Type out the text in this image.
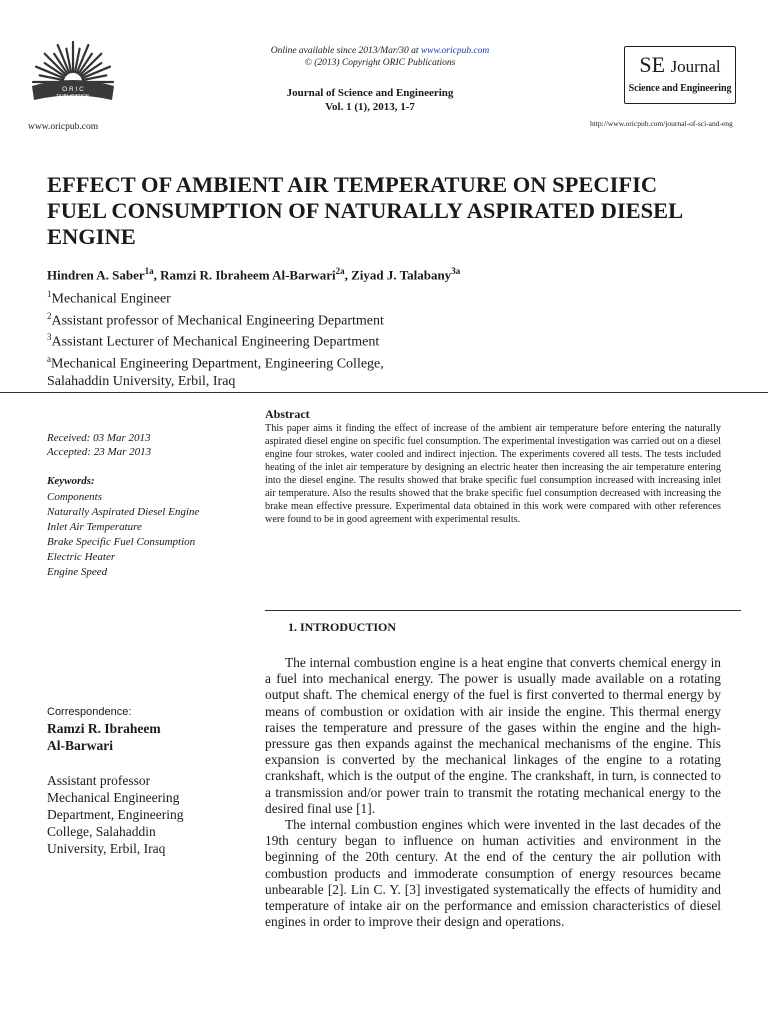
O R I C
PUBLICATION
www.oricpub.com
Online available since 2013/Mar/30 at www.oricpub.com
© (2013) Copyright ORIC Publications
Journal of Science and Engineering
Vol. 1 (1), 2013, 1-7
SE Journal
Science and Engineering
http://www.oricpub.com/journal-of-sci-and-eng
EFFECT OF AMBIENT AIR TEMPERATURE ON SPECIFIC
FUEL CONSUMPTION OF NATURALLY ASPIRATED DIESEL
ENGINE
Hindren A. Saber$^{1a}$, Ramzi R. Ibraheem Al-Barwari$^{2a}$, Ziyad J. Talabany$^{3a}$
$^1$Mechanical Engineer
$^2$Assistant professor of Mechanical Engineering Department
$^3$Assistant Lecturer of Mechanical Engineering Department
$^a$Mechanical Engineering Department, Engineering College,
Salahaddin University, Erbil, Iraq
Received: 03 Mar 2013
Accepted: 23 Mar 2013
Keywords:
Components
Naturally Aspirated Diesel Engine
Inlet Air Temperature
Brake Specific Fuel Consumption
Electric Heater
Engine Speed
Correspondence:
Ramzi R. Ibraheem
Al-Barwari
Assistant professor
Mechanical Engineering
Department, Engineering
College, Salahaddin
University, Erbil, Iraq
Abstract
This paper aims it finding the effect of increase of the ambient air temperature before entering the naturally aspirated diesel engine on specific fuel consumption. The experimental investigation was carried out on a diesel engine four strokes, water cooled and indirect injection. The experiments covered all tests. The tests included heating of the inlet air temperature by designing an electric heater then increasing the air temperature entering into the diesel engine. The results showed that brake specific fuel consumption increased with increasing inlet air temperature. Also the results showed that the brake specific fuel consumption decreased with increasing the brake mean effective pressure. Experimental data obtained in this work were compared with other references were found to be in good agreement with experimental results.
1. INTRODUCTION

The internal combustion engine is a heat engine that converts chemical energy in a fuel into mechanical energy. The power is usually made available on a rotating output shaft. The chemical energy of the fuel is first converted to thermal energy by means of combustion or oxidation with air inside the engine. This thermal energy raises the temperature and pressure of the gases within the engine and the high-pressure gas then expands against the mechanical mechanisms of the engine. This expansion is converted by the mechanical linkages of the engine to a rotating crankshaft, which is the output of the engine. The crankshaft, in turn, is connected to a transmission and/or power train to transmit the rotating mechanical energy to the desired final use [1].

The internal combustion engines which were invented in the last decades of the 19th century began to influence on human activities and environment in the beginning of the 20th century. At the end of the century the air pollution with combustion products and immoderate consumption of energy resources became unbearable [2]. Lin C. Y. [3] investigated systematically the effects of humidity and temperature of intake air on the performance and emission characteristics of diesel engines in order to improve their design and operations.
